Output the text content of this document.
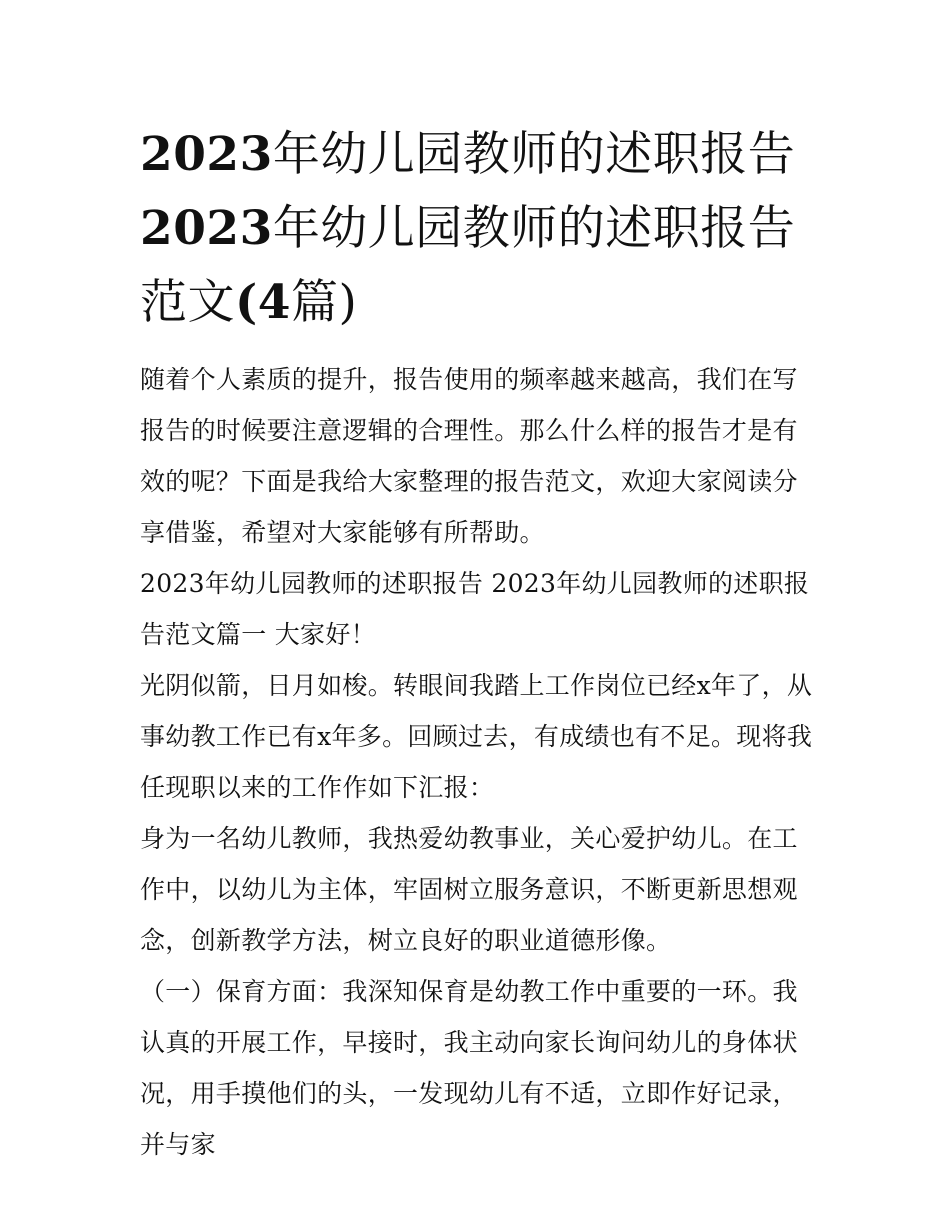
2023年幼儿园教师的述职报告
2023年幼儿园教师的述职报告
范文(4篇)

随着个人素质的提升，报告使用的频率越来越高，我们在写报告的时候要注意逻辑的合理性。那么什么样的报告才是有效的呢？下面是我给大家整理的报告范文，欢迎大家阅读分享借鉴，希望对大家能够有所帮助。

2023年幼儿园教师的述职报告 2023年幼儿园教师的述职报告范文篇一 大家好！

光阴似箭，日月如梭。转眼间我踏上工作岗位已经x年了，从事幼教工作已有x年多。回顾过去，有成绩也有不足。现将我任现职以来的工作作如下汇报：

身为一名幼儿教师，我热爱幼教事业，关心爱护幼儿。在工作中，以幼儿为主体，牢固树立服务意识，不断更新思想观念，创新教学方法，树立良好的职业道德形像。

（一）保育方面：我深知保育是幼教工作中重要的一环。我认真的开展工作，早接时，我主动向家长询问幼儿的身体状况，用手摸他们的头，一发现幼儿有不适，立即作好记录，并与家
